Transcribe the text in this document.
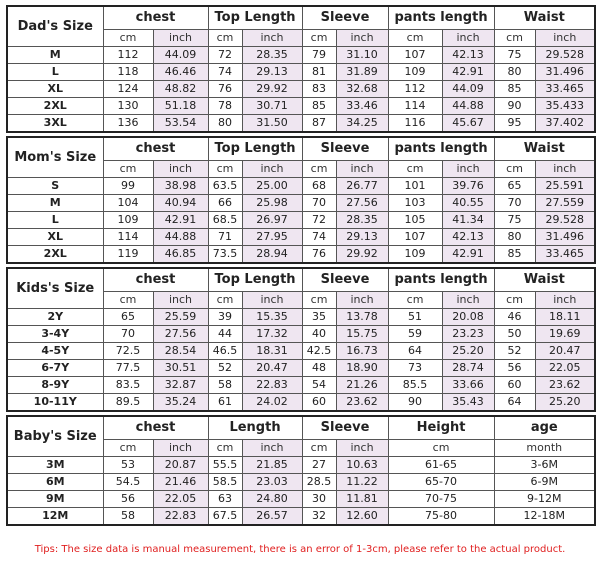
Dad's Size	chest		Top Length		Sleeve		pants length		Waist	
	cm	inch	cm	inch	cm	inch	cm	inch	cm	inch
M	112	44.09	72	28.35	79	31.10	107	42.13	75	29.528
L	118	46.46	74	29.13	81	31.89	109	42.91	80	31.496
XL	124	48.82	76	29.92	83	32.68	112	44.09	85	33.465
2XL	130	51.18	78	30.71	85	33.46	114	44.88	90	35.433
3XL	136	53.54	80	31.50	87	34.25	116	45.67	95	37.402
Mom's Size	chest		Top Length		Sleeve		pants length		Waist	
	cm	inch	cm	inch	cm	inch	cm	inch	cm	inch
S	99	38.98	63.5	25.00	68	26.77	101	39.76	65	25.591
M	104	40.94	66	25.98	70	27.56	103	40.55	70	27.559
L	109	42.91	68.5	26.97	72	28.35	105	41.34	75	29.528
XL	114	44.88	71	27.95	74	29.13	107	42.13	80	31.496
2XL	119	46.85	73.5	28.94	76	29.92	109	42.91	85	33.465
Kids's Size	chest		Top Length		Sleeve		pants length		Waist	
	cm	inch	cm	inch	cm	inch	cm	inch	cm	inch
2Y	65	25.59	39	15.35	35	13.78	51	20.08	46	18.11
3-4Y	70	27.56	44	17.32	40	15.75	59	23.23	50	19.69
4-5Y	72.5	28.54	46.5	18.31	42.5	16.73	64	25.20	52	20.47
6-7Y	77.5	30.51	52	20.47	48	18.90	73	28.74	56	22.05
8-9Y	83.5	32.87	58	22.83	54	21.26	85.5	33.66	60	23.62
10-11Y	89.5	35.24	61	24.02	60	23.62	90	35.43	64	25.20
Baby's Size	chest		Length		Sleeve		Height	age
	cm	inch	cm	inch	cm	inch	cm	month
3M	53	20.87	55.5	21.85	27	10.63	61-65	3-6M
6M	54.5	21.46	58.5	23.03	28.5	11.22	65-70	6-9M
9M	56	22.05	63	24.80	30	11.81	70-75	9-12M
12M	58	22.83	67.5	26.57	32	12.60	75-80	12-18M
Tips: The size data is manual measurement, there is an error of 1-3cm, please refer to the actual product.
